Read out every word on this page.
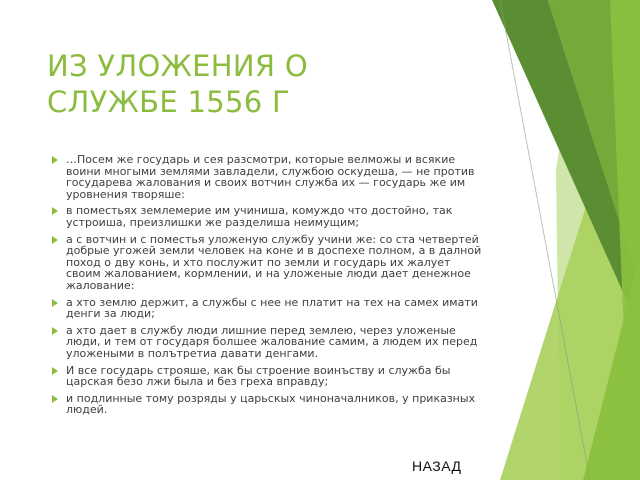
ИЗ УЛОЖЕНИЯ О
СЛУЖБЕ 1556 Г
…Посем же государь и сея разсмотри, которые велможы и всякие воини многыми землями завладели, службою оскудеша, — не против государева жалования и своих вотчин служба их — государь же им уровнения творяше:
в поместьях землемерие им учиниша, комуждо что достойно, так устроиша, преизлишки же разделиша неимущим;
а с вотчин и с поместья уложеную службу учини же: со ста четвертей добрые угожей земли человек на коне и в доспехе полном, а в далной поход о дву конь, и хто послужит по земли и государь их жалует своим жалованием, кормлении, и на уложеные люди дает денежное жалование:
а хто землю держит, а службы с нее не платит на тех на самех имати денги за люди;
а хто дает в службу люди лишние перед землею, через уложеные люди, и тем от государя болшее жалование самим, а людем их перед уложеными в полътретиа давати денгами.
И все государь строяше, как бы строение воинъству и служба бы царская безо лжи была и без греха вправду;
и подлинные тому розряды у царьскых чиноначалников, у приказных людей.
НАЗАД
